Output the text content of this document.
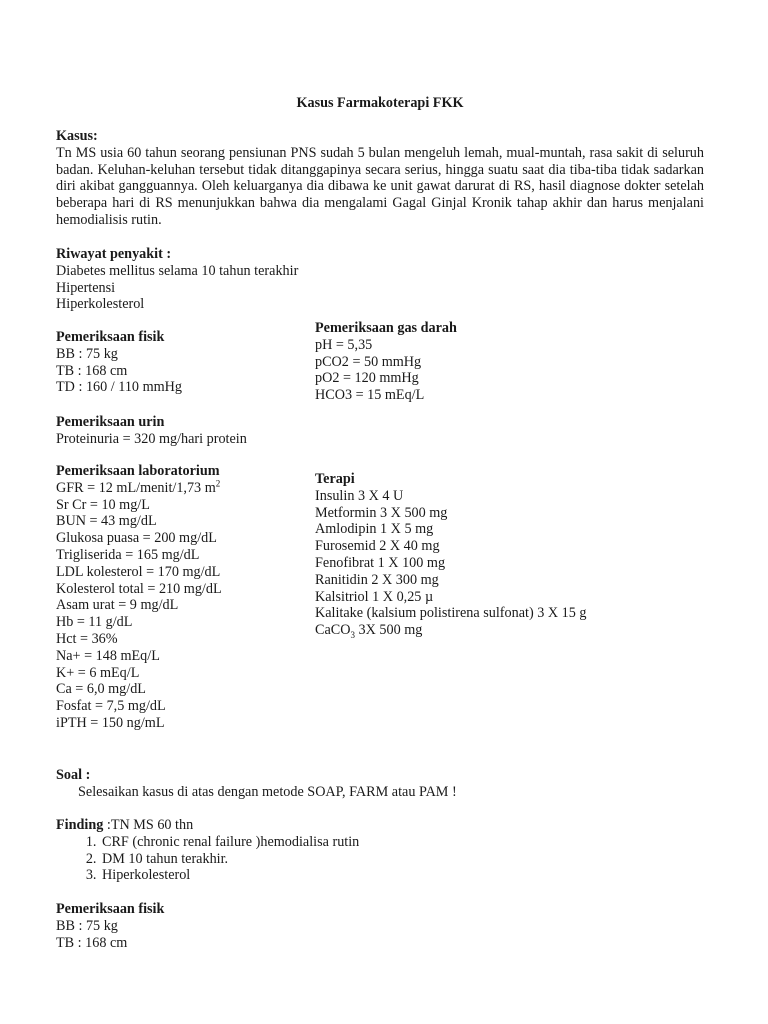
Kasus Farmakoterapi FKK
Kasus:

Tn MS usia 60 tahun seorang pensiunan PNS sudah 5 bulan mengeluh lemah, mual-muntah, rasa sakit di seluruh badan. Keluhan-keluhan tersebut tidak ditanggapinya secara serius, hingga suatu saat dia tiba-tiba tidak sadarkan diri akibat gangguannya. Oleh keluarganya dia dibawa ke unit gawat darurat di RS, hasil diagnose dokter setelah beberapa hari di RS menunjukkan bahwa dia mengalami Gagal Ginjal Kronik tahap akhir dan harus menjalani hemodialisis rutin.

Riwayat penyakit :
Diabetes mellitus selama 10 tahun terakhir
Hipertensi
Hiperkolesterol
Pemeriksaan fisik
BB : 75 kg
TB : 168 cm
TD : 160 / 110 mmHg
Pemeriksaan gas darah
pH = 5,35
pCO2 = 50 mmHg
pO2 = 120 mmHg
HCO3 = 15 mEq/L
Pemeriksaan urin
Proteinuria = 320 mg/hari protein
Pemeriksaan laboratorium
GFR = 12 mL/menit/1,73 $m^2$
Sr Cr = 10 mg/L
BUN = 43 mg/dL
Glukosa puasa = 200 mg/dL
Trigliserida = 165 mg/dL
LDL kolesterol = 170 mg/dL
Kolesterol total = 210 mg/dL
Asam urat = 9 mg/dL
Hb = 11 g/dL
Hct = 36%
Na+ = 148 mEq/L
K+ = 6 mEq/L
Ca = 6,0 mg/dL
Fosfat = 7,5 mg/dL
iPTH = 150 ng/mL
Terapi
Insulin 3 X 4 U
Metformin 3 X 500 mg
Amlodipin 1 X 5 mg
Furosemid 2 X 40 mg
Fenofibrat 1 X 100 mg
Ranitidin 2 X 300 mg
Kalsitriol 1 X 0,25 µ
Kalitake (kalsium polistirena sulfonat) 3 X 15 g
CaCO$_3$ 3X 500 mg
Soal :
Selesaikan kasus di atas dengan metode SOAP, FARM atau PAM !
Finding :TN MS 60 thn
1. CRF (chronic renal failure )hemodialisa rutin
2. DM 10 tahun terakhir.
3. Hiperkolesterol
Pemeriksaan fisik
BB : 75 kg
TB : 168 cm
